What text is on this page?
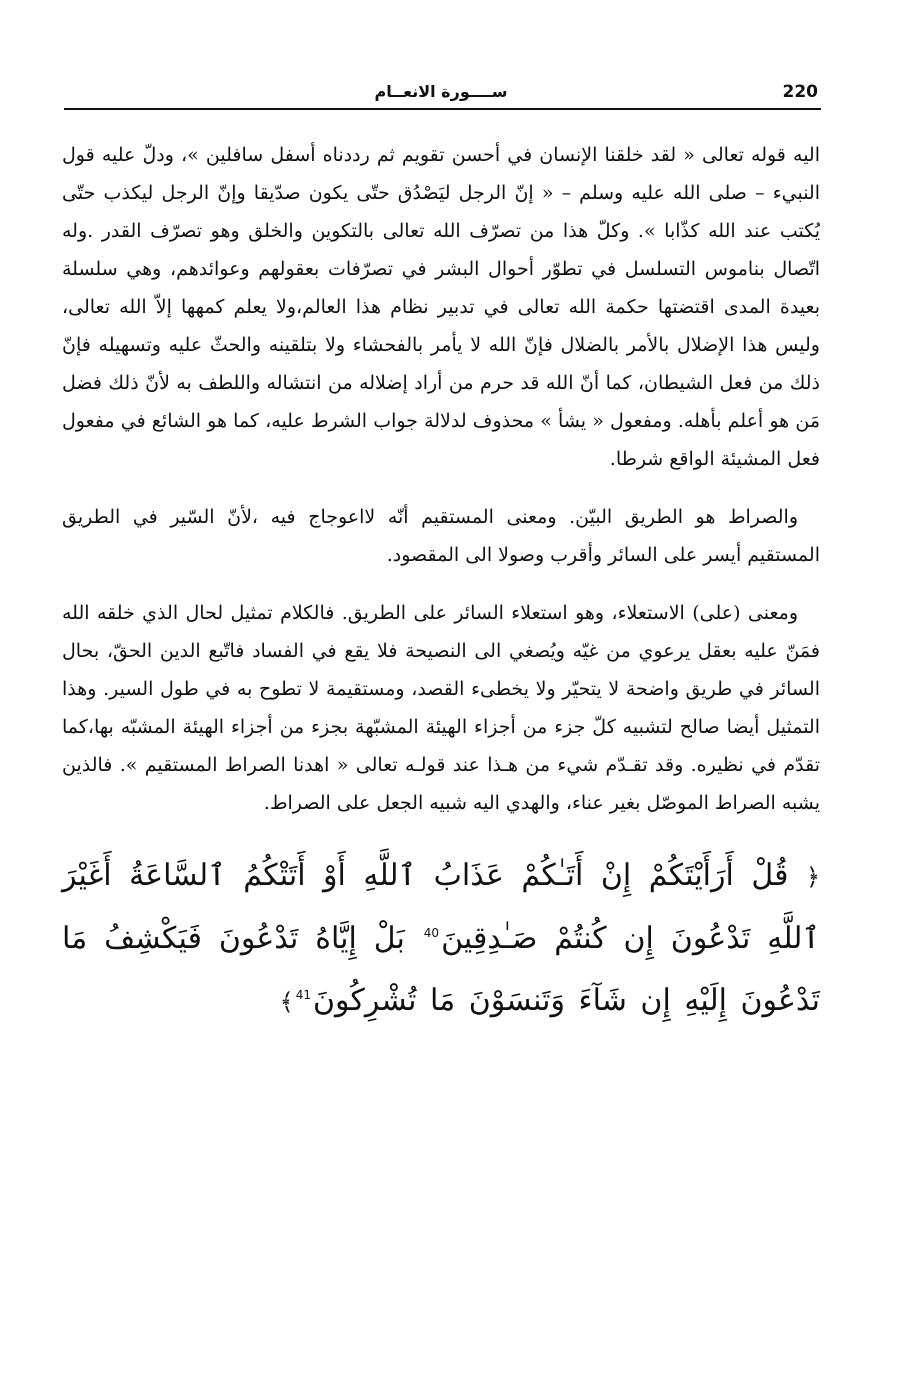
220
ســــورة الانعــام

اليه قوله تعالى « لقد خلقنا الإنسان في أحسن تقويم ثم رددناه أسفل سافلين »، ودلّ عليه قول النبيء – صلى الله عليه وسلم – « إنّ الرجل ليَصْدُق حتّى يكون صدّيقا وإنّ الرجل ليكذب حتّى يُكتب عند الله كذّابا ». وكلّ هذا من تصرّف الله تعالى بالتكوين والخلق وهو تصرّف القدر .وله اتّصال بناموس التسلسل في تطوّر أحوال البشر في تصرّفات بعقولهم وعوائدهم، وهي سلسلة بعيدة المدى اقتضتها حكمة الله تعالى في تدبير نظام هذا العالم،ولا يعلم كمهها إلاّ الله تعالى، وليس هذا الإضلال بالأمر بالضلال فإنّ الله لا يأمر بالفحشاء ولا بتلقينه والحثّ عليه وتسهيله فإنّ ذلك من فعل الشيطان، كما أنّ الله قد حرم من أراد إضلاله من انتشاله واللطف به لأنّ ذلك فضل مَن هو أعلم بأهله. ومفعول « يشأ » محذوف لدلالة جواب الشرط عليه، كما هو الشائع في مفعول فعل المشيئة الواقع شرطا.

والصراط هو الطريق البيّن. ومعنى المستقيم أنّه لااعوجاج فيه ،لأنّ السّير في الطريق المستقيم أيسر على السائر وأقرب وصولا الى المقصود.

ومعنى (على) الاستعلاء، وهو استعلاء السائر على الطريق. فالكلام تمثيل لحال الذي خلقه الله فمَنّ عليه بعقل يرعوي من غيّه ويُصغي الى النصيحة فلا يقع في الفساد فاتّبع الدين الحقّ، بحال السائر في طريق واضحة لا يتحيّر ولا يخطىء القصد، ومستقيمة لا تطوح به في طول السير. وهذا التمثيل أيضا صالح لتشبيه كلّ جزء من أجزاء الهيئة المشبّهة بجزء من أجزاء الهيئة المشبّه بها،كما تقدّم في نظيره. وقد تقـدّم شيء من هـذا عند قولـه تعالى « اهدنا الصراط المستقيم ». فالذين يشبه الصراط الموصّل بغير عناء، والهدي اليه شبيه الجعل على الصراط.

﴿ قُلْ أَرَأَيْتَكُمْ إِنْ أَتَـٰكُمْ عَذَابُ ٱللَّهِ أَوْ أَتَتْكُمُ ٱلسَّاعَةُ أَغَيْرَ ٱللَّهِ تَدْعُونَ إِن كُنتُمْ صَـٰدِقِينَ$^{40}$ بَلْ إِيَّاهُ تَدْعُونَ فَيَكْشِفُ مَا تَدْعُونَ إِلَيْهِ إِن شَآءَ وَتَنسَوْنَ مَا تُشْرِكُونَ$^{41}$﴾
